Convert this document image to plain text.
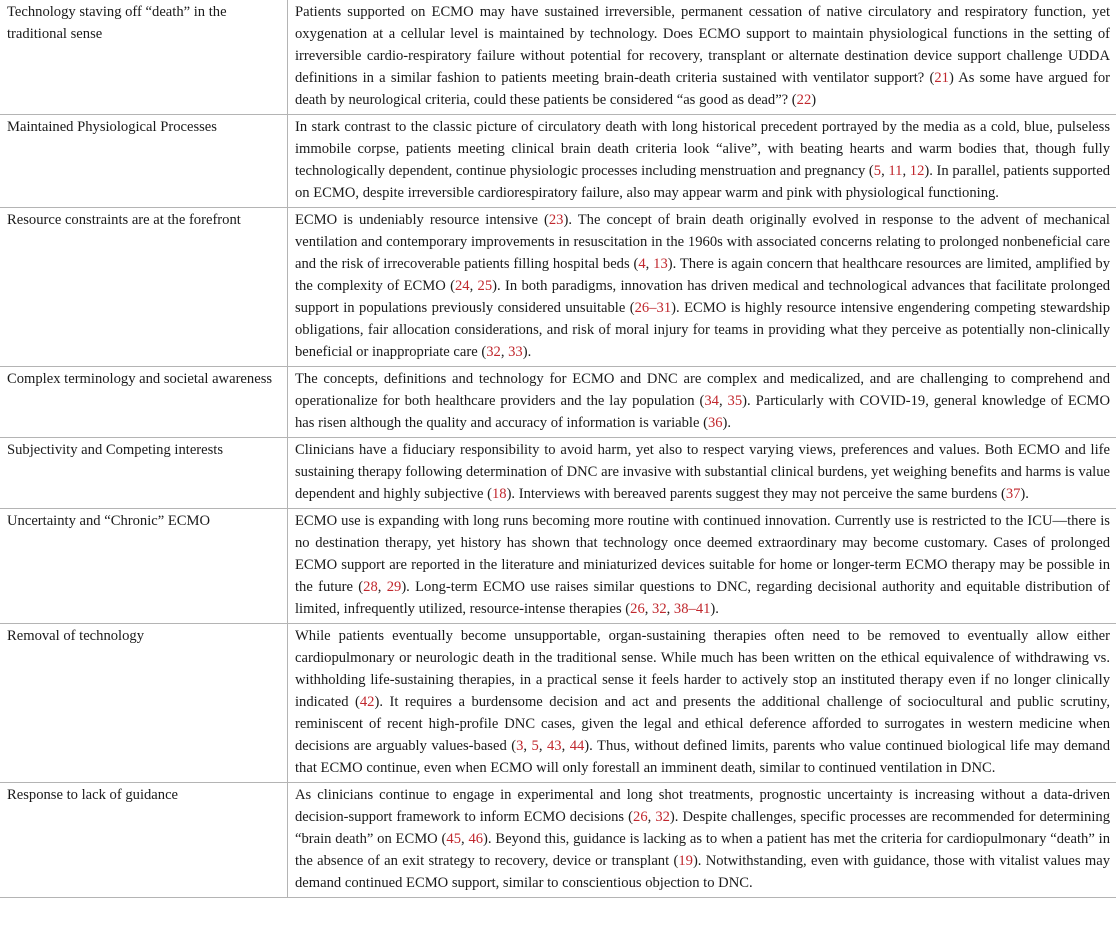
Technology staving off “death” in the traditional sense	Patients supported on ECMO may have sustained irreversible, permanent cessation of native circulatory and respiratory function, yet oxygenation at a cellular level is maintained by technology. Does ECMO support to maintain physiological functions in the setting of irreversible cardio-respiratory failure without potential for recovery, transplant or alternate destination device support challenge UDDA definitions in a similar fashion to patients meeting brain-death criteria sustained with ventilator support? (21) As some have argued for death by neurological criteria, could these patients be considered “as good as dead”? (22)
Maintained Physiological Processes	In stark contrast to the classic picture of circulatory death with long historical precedent portrayed by the media as a cold, blue, pulseless immobile corpse, patients meeting clinical brain death criteria look “alive”, with beating hearts and warm bodies that, though fully technologically dependent, continue physiologic processes including menstruation and pregnancy (5, 11, 12). In parallel, patients supported on ECMO, despite irreversible cardiorespiratory failure, also may appear warm and pink with physiological functioning.
Resource constraints are at the forefront	ECMO is undeniably resource intensive (23). The concept of brain death originally evolved in response to the advent of mechanical ventilation and contemporary improvements in resuscitation in the 1960s with associated concerns relating to prolonged nonbeneficial care and the risk of irrecoverable patients filling hospital beds (4, 13). There is again concern that healthcare resources are limited, amplified by the complexity of ECMO (24, 25). In both paradigms, innovation has driven medical and technological advances that facilitate prolonged support in populations previously considered unsuitable (26–31). ECMO is highly resource intensive engendering competing stewardship obligations, fair allocation considerations, and risk of moral injury for teams in providing what they perceive as potentially non-clinically beneficial or inappropriate care (32, 33).
Complex terminology and societal awareness	The concepts, definitions and technology for ECMO and DNC are complex and medicalized, and are challenging to comprehend and operationalize for both healthcare providers and the lay population (34, 35). Particularly with COVID-19, general knowledge of ECMO has risen although the quality and accuracy of information is variable (36).
Subjectivity and Competing interests	Clinicians have a fiduciary responsibility to avoid harm, yet also to respect varying views, preferences and values. Both ECMO and life sustaining therapy following determination of DNC are invasive with substantial clinical burdens, yet weighing benefits and harms is value dependent and highly subjective (18). Interviews with bereaved parents suggest they may not perceive the same burdens (37).
Uncertainty and “Chronic” ECMO	ECMO use is expanding with long runs becoming more routine with continued innovation. Currently use is restricted to the ICU—there is no destination therapy, yet history has shown that technology once deemed extraordinary may become customary. Cases of prolonged ECMO support are reported in the literature and miniaturized devices suitable for home or longer-term ECMO therapy may be possible in the future (28, 29). Long-term ECMO use raises similar questions to DNC, regarding decisional authority and equitable distribution of limited, infrequently utilized, resource-intense therapies (26, 32, 38–41).
Removal of technology	While patients eventually become unsupportable, organ-sustaining therapies often need to be removed to eventually allow either cardiopulmonary or neurologic death in the traditional sense. While much has been written on the ethical equivalence of withdrawing vs. withholding life-sustaining therapies, in a practical sense it feels harder to actively stop an instituted therapy even if no longer clinically indicated (42). It requires a burdensome decision and act and presents the additional challenge of sociocultural and public scrutiny, reminiscent of recent high-profile DNC cases, given the legal and ethical deference afforded to surrogates in western medicine when decisions are arguably values-based (3, 5, 43, 44). Thus, without defined limits, parents who value continued biological life may demand that ECMO continue, even when ECMO will only forestall an imminent death, similar to continued ventilation in DNC.
Response to lack of guidance	As clinicians continue to engage in experimental and long shot treatments, prognostic uncertainty is increasing without a data-driven decision-support framework to inform ECMO decisions (26, 32). Despite challenges, specific processes are recommended for determining “brain death” on ECMO (45, 46). Beyond this, guidance is lacking as to when a patient has met the criteria for cardiopulmonary “death” in the absence of an exit strategy to recovery, device or transplant (19). Notwithstanding, even with guidance, those with vitalist values may demand continued ECMO support, similar to conscientious objection to DNC.
